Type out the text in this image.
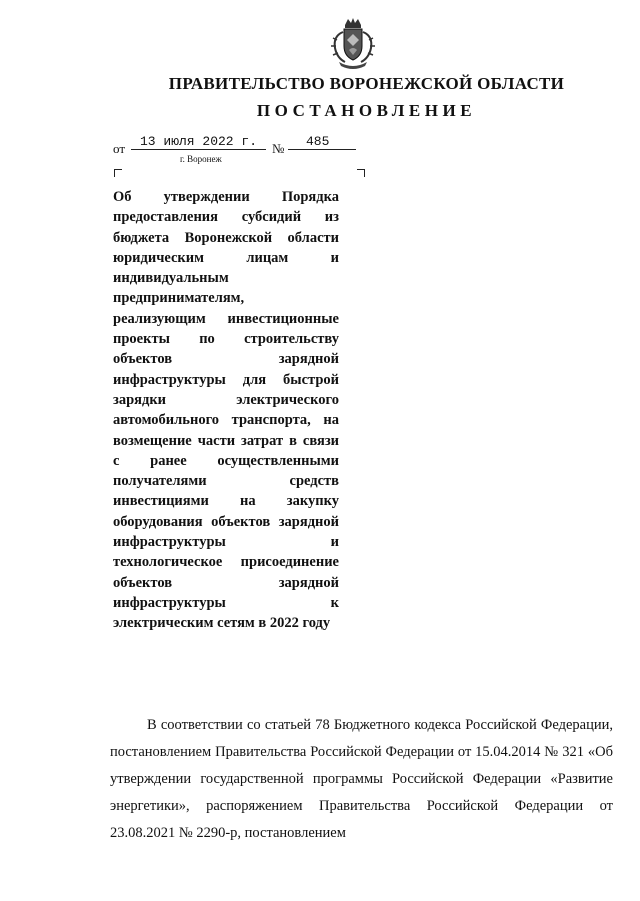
ПРАВИТЕЛЬСТВО ВОРОНЕЖСКОЙ ОБЛАСТИ
ПОСТАНОВЛЕНИЕ
от	13 июля 2022 г.	№	485
г. Воронеж
Об утверждении Порядка предоставления субсидий из бюджета Воронежской области юридическим лицам и индивидуальным предпринимателям, реализующим инвестиционные проекты по строительству объектов зарядной инфраструктуры для быстрой зарядки электрического автомобильного транспорта, на возмещение части затрат в связи с ранее осуществленными получателями средств инвестициями на закупку оборудования объектов зарядной инфраструктуры и технологическое присоединение объектов зарядной инфраструктуры к электрическим сетям в 2022 году
В соответствии со статьей 78 Бюджетного кодекса Российской Федерации, постановлением Правительства Российской Федерации от 15.04.2014 № 321 «Об утверждении государственной программы Российской Федерации «Развитие энергетики», распоряжением Правительства Российской Федерации от 23.08.2021 № 2290-р, постановлением
